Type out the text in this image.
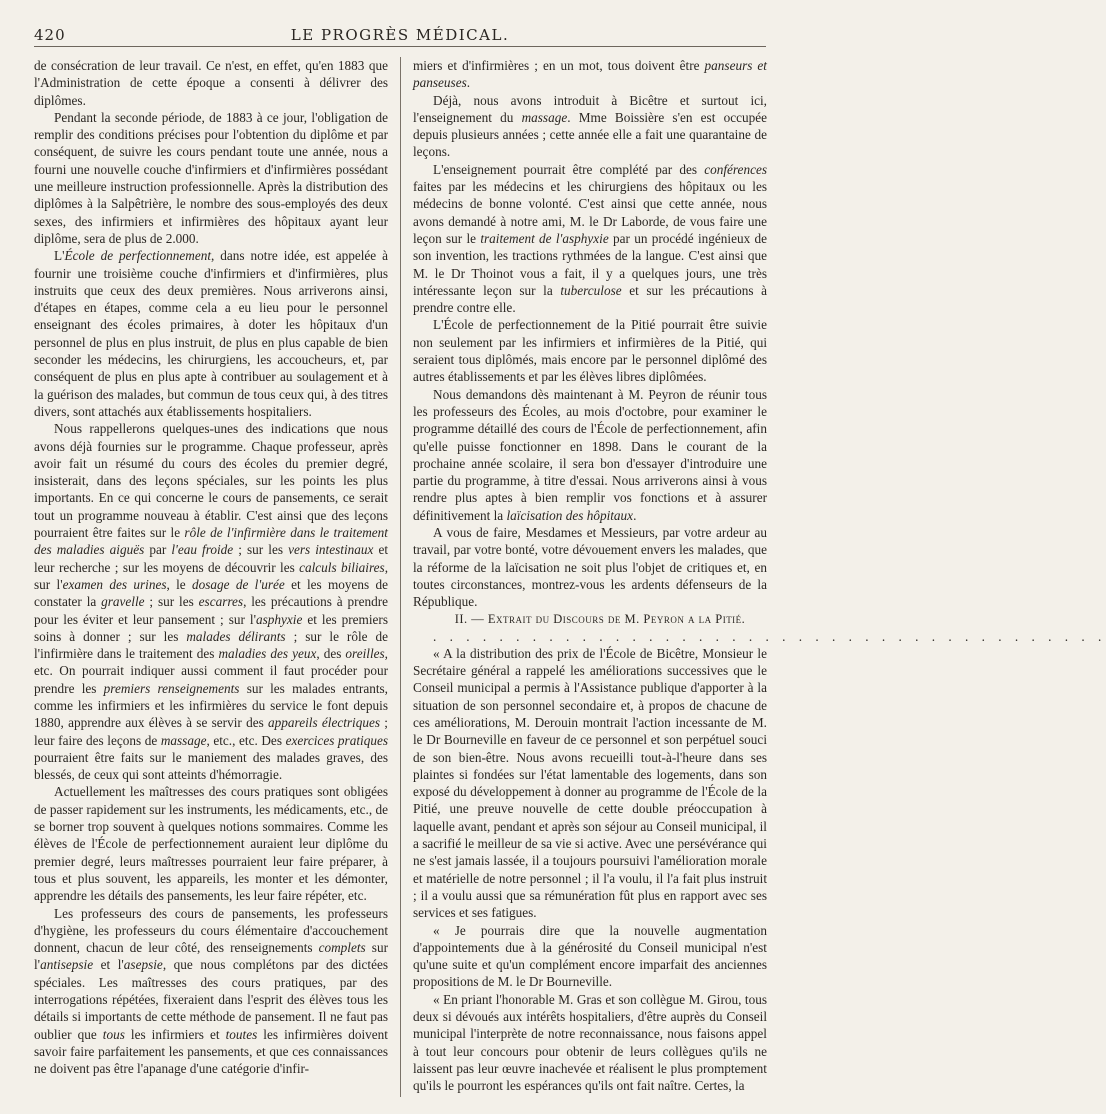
420	LE PROGRÈS MÉDICAL.

de consécration de leur travail. Ce n'est, en effet, qu'en 1883 que l'Administration de cette époque a consenti à délivrer des diplômes.

Pendant la seconde période, de 1883 à ce jour, l'obligation de remplir des conditions précises pour l'obtention du diplôme et par conséquent, de suivre les cours pendant toute une année, nous a fourni une nouvelle couche d'infirmiers et d'infirmières possédant une meilleure instruction professionnelle. Après la distribution des diplômes à la Salpêtrière, le nombre des sous-employés des deux sexes, des infirmiers et infirmières des hôpitaux ayant leur diplôme, sera de plus de 2.000.

L'École de perfectionnement, dans notre idée, est appelée à fournir une troisième couche d'infirmiers et d'infirmières, plus instruits que ceux des deux premières. Nous arriverons ainsi, d'étapes en étapes, comme cela a eu lieu pour le personnel enseignant des écoles primaires, à doter les hôpitaux d'un personnel de plus en plus instruit, de plus en plus capable de bien seconder les médecins, les chirurgiens, les accoucheurs, et, par conséquent de plus en plus apte à contribuer au soulagement et à la guérison des malades, but commun de tous ceux qui, à des titres divers, sont attachés aux établissements hospitaliers.

Nous rappellerons quelques-unes des indications que nous avons déjà fournies sur le programme. Chaque professeur, après avoir fait un résumé du cours des écoles du premier degré, insisterait, dans des leçons spéciales, sur les points les plus importants. En ce qui concerne le cours de pansements, ce serait tout un programme nouveau à établir. C'est ainsi que des leçons pourraient être faites sur le rôle de l'infirmière dans le traitement des maladies aiguës par l'eau froide ; sur les vers intestinaux et leur recherche ; sur les moyens de découvrir les calculs biliaires, sur l'examen des urines, le dosage de l'urée et les moyens de constater la gravelle ; sur les escarres, les précautions à prendre pour les éviter et leur pansement ; sur l'asphyxie et les premiers soins à donner ; sur les malades délirants ; sur le rôle de l'infirmière dans le traitement des maladies des yeux, des oreilles, etc. On pourrait indiquer aussi comment il faut procéder pour prendre les premiers renseignements sur les malades entrants, comme les infirmiers et les infirmières du service le font depuis 1880, apprendre aux élèves à se servir des appareils électriques ; leur faire des leçons de massage, etc., etc. Des exercices pratiques pourraient être faits sur le maniement des malades graves, des blessés, de ceux qui sont atteints d'hémorragie.

Actuellement les maîtresses des cours pratiques sont obligées de passer rapidement sur les instruments, les médicaments, etc., de se borner trop souvent à quelques notions sommaires. Comme les élèves de l'École de perfectionnement auraient leur diplôme du premier degré, leurs maîtresses pourraient leur faire préparer, à tous et plus souvent, les appareils, les monter et les démonter, apprendre les détails des pansements, les leur faire répéter, etc.

Les professeurs des cours de pansements, les professeurs d'hygiène, les professeurs du cours élémentaire d'accouchement donnent, chacun de leur côté, des renseignements complets sur l'antisepsie et l'asepsie, que nous complétons par des dictées spéciales. Les maîtresses des cours pratiques, par des interrogations répétées, fixeraient dans l'esprit des élèves tous les détails si importants de cette méthode de pansement. Il ne faut pas oublier que tous les infirmiers et toutes les infirmières doivent savoir faire parfaitement les pansements, et que ces connaissances ne doivent pas être l'apanage d'une catégorie d'infir-

miers et d'infirmières ; en un mot, tous doivent être panseurs et panseuses.

Déjà, nous avons introduit à Bicêtre et surtout ici, l'enseignement du massage. Mme Boissière s'en est occupée depuis plusieurs années ; cette année elle a fait une quarantaine de leçons.

L'enseignement pourrait être complété par des conférences faites par les médecins et les chirurgiens des hôpitaux ou les médecins de bonne volonté. C'est ainsi que cette année, nous avons demandé à notre ami, M. le Dr Laborde, de vous faire une leçon sur le traitement de l'asphyxie par un procédé ingénieux de son invention, les tractions rythmées de la langue. C'est ainsi que M. le Dr Thoinot vous a fait, il y a quelques jours, une très intéressante leçon sur la tuberculose et sur les précautions à prendre contre elle.

L'École de perfectionnement de la Pitié pourrait être suivie non seulement par les infirmiers et infirmières de la Pitié, qui seraient tous diplômés, mais encore par le personnel diplômé des autres établissements et par les élèves libres diplômées.

Nous demandons dès maintenant à M. Peyron de réunir tous les professeurs des Écoles, au mois d'octobre, pour examiner le programme détaillé des cours de l'École de perfectionnement, afin qu'elle puisse fonctionner en 1898. Dans le courant de la prochaine année scolaire, il sera bon d'essayer d'introduire une partie du programme, à titre d'essai. Nous arriverons ainsi à vous rendre plus aptes à bien remplir vos fonctions et à assurer définitivement la laïcisation des hôpitaux.

A vous de faire, Mesdames et Messieurs, par votre ardeur au travail, par votre bonté, votre dévouement envers les malades, que la réforme de la laïcisation ne soit plus l'objet de critiques et, en toutes circonstances, montrez-vous les ardents défenseurs de la République.

II. — Extrait du Discours de M. Peyron a la Pitié.

. . . . . . . . . . . . . . . . . . . . . . . . . . . . . . . . . . . . . . . . .

« A la distribution des prix de l'École de Bicêtre, Monsieur le Secrétaire général a rappelé les améliorations successives que le Conseil municipal a permis à l'Assistance publique d'apporter à la situation de son personnel secondaire et, à propos de chacune de ces améliorations, M. Derouin montrait l'action incessante de M. le Dr Bourneville en faveur de ce personnel et son perpétuel souci de son bien-être. Nous avons recueilli tout-à-l'heure dans ses plaintes si fondées sur l'état lamentable des logements, dans son exposé du développement à donner au programme de l'École de la Pitié, une preuve nouvelle de cette double préoccupation à laquelle avant, pendant et après son séjour au Conseil municipal, il a sacrifié le meilleur de sa vie si active. Avec une persévérance qui ne s'est jamais lassée, il a toujours poursuivi l'amélioration morale et matérielle de notre personnel ; il l'a voulu, il l'a fait plus instruit ; il a voulu aussi que sa rémunération fût plus en rapport avec ses services et ses fatigues.

« Je pourrais dire que la nouvelle augmentation d'appointements due à la générosité du Conseil municipal n'est qu'une suite et qu'un complément encore imparfait des anciennes propositions de M. le Dr Bourneville.

« En priant l'honorable M. Gras et son collègue M. Girou, tous deux si dévoués aux intérêts hospitaliers, d'être auprès du Conseil municipal l'interprète de notre reconnaissance, nous faisons appel à tout leur concours pour obtenir de leurs collègues qu'ils ne laissent pas leur œuvre inachevée et réalisent le plus promptement qu'ils le pourront les espérances qu'ils ont fait naître. Certes, la
